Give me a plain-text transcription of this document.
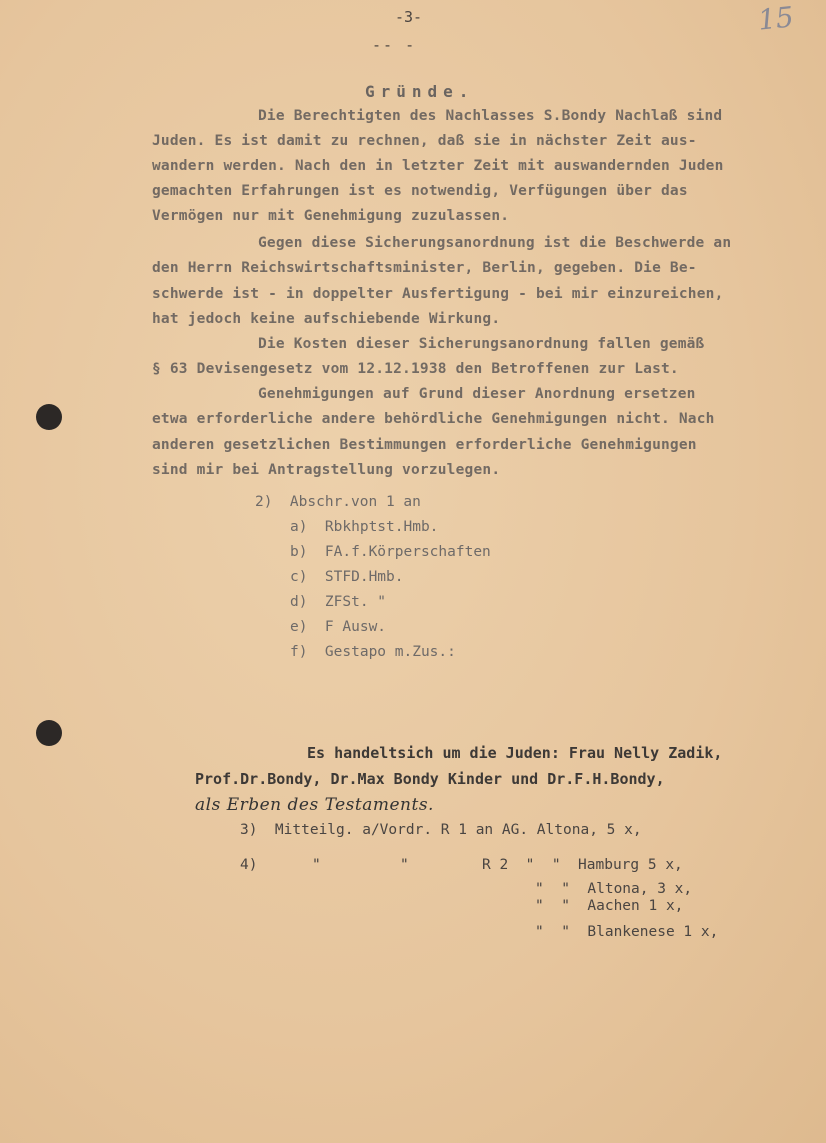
-3-
-- -
15
Gründe.
Die Berechtigten des Nachlasses S.Bondy Nachlaß sind
Juden. Es ist damit zu rechnen, daß sie in nächster Zeit aus-
wandern werden. Nach den in letzter Zeit mit auswandernden Juden
gemachten Erfahrungen ist es notwendig, Verfügungen über das
Vermögen nur mit Genehmigung zuzulassen.
Gegen diese Sicherungsanordnung ist die Beschwerde an
den Herrn Reichswirtschaftsminister, Berlin, gegeben. Die Be-
schwerde ist - in doppelter Ausfertigung - bei mir einzureichen,
hat jedoch keine aufschiebende Wirkung.
Die Kosten dieser Sicherungsanordnung fallen gemäß
§ 63 Devisengesetz vom 12.12.1938 den Betroffenen zur Last.
Genehmigungen auf Grund dieser Anordnung ersetzen
etwa erforderliche andere behördliche Genehmigungen nicht. Nach
anderen gesetzlichen Bestimmungen erforderliche Genehmigungen
sind mir bei Antragstellung vorzulegen.
2)  Abschr.von 1 an
a)  Rbkhptst.Hmb.
b)  FA.f.Körperschaften
c)  STFD.Hmb.
d)  ZFSt. "
e)  F Ausw.
f)  Gestapo m.Zus.:
Es handeltsich um die Juden: Frau Nelly Zadik,
Prof.Dr.Bondy, Dr.Max Bondy Kinder und Dr.F.H.Bondy,
als Erben des Testaments.
3)  Mitteilg. a/Vordr. R 1 an AG. Altona, 5 x,
4)	"	"	R 2  "  "  Hamburg 5 x,
"  "  Altona, 3 x,
"  "  Aachen 1 x,
"  "  Blankenese 1 x,
